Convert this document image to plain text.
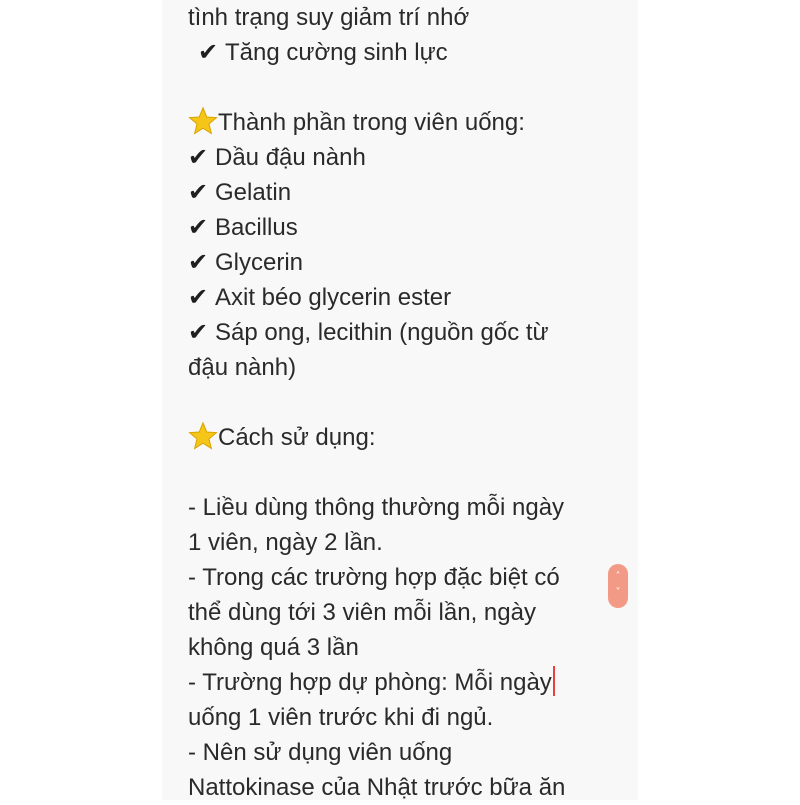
tình trạng suy giảm trí nhớ
✔ Tăng cường sinh lực
Thành phần trong viên uống:
✔ Dầu đậu nành
✔ Gelatin
✔ Bacillus
✔ Glycerin
✔ Axit béo glycerin ester
✔ Sáp ong, lecithin (nguồn gốc từ
đậu nành)
Cách sử dụng:
- Liều dùng thông thường mỗi ngày
1 viên, ngày 2 lần.
- Trong các trường hợp đặc biệt có
thể dùng tới 3 viên mỗi lần, ngày
không quá 3 lần
- Trường hợp dự phòng: Mỗi ngày
uống 1 viên trước khi đi ngủ.
- Nên sử dụng viên uống
Nattokinase của Nhật trước bữa ăn
˄
˅
